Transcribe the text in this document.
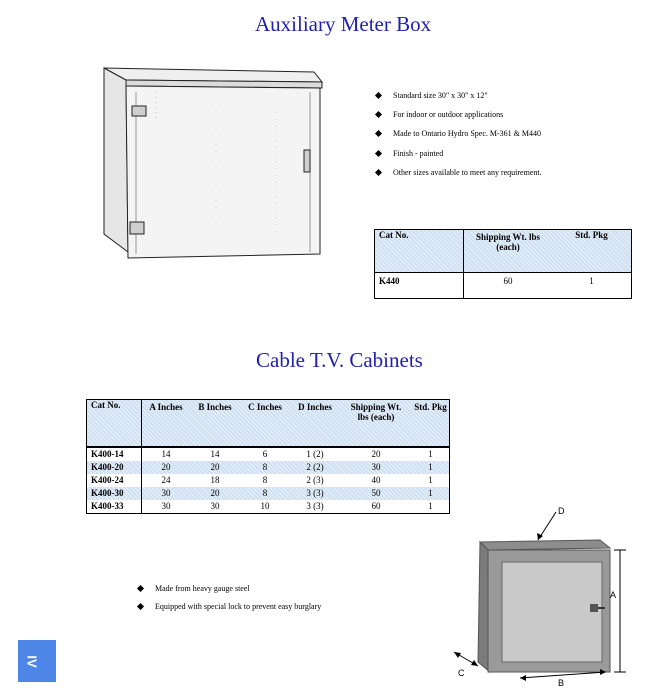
Auxiliary Meter Box
Standard size 30" x 30" x 12"
For indoor or outdoor applications
Made to Ontario Hydro Spec. M-361 & M440
Finish - painted
Other sizes available to meet any requirement.
Cat No.	Shipping Wt. lbs (each)	Std. Pkg
K440	60	1
Cable T.V. Cabinets
Cat No.	A Inches	B Inches	C Inches	D Inches	Shipping Wt. lbs (each)	Std. Pkg
K400-14	14	14	6	1 (2)	20	1
K400-20	20	20	8	2 (2)	30	1
K400-24	24	18	8	2 (3)	40	1
K400-30	30	20	8	3 (3)	50	1
K400-33	30	30	10	3 (3)	60	1
Made from heavy gauge steel
Equipped with special lock to prevent easy burglary
D
A
B
C
IV
